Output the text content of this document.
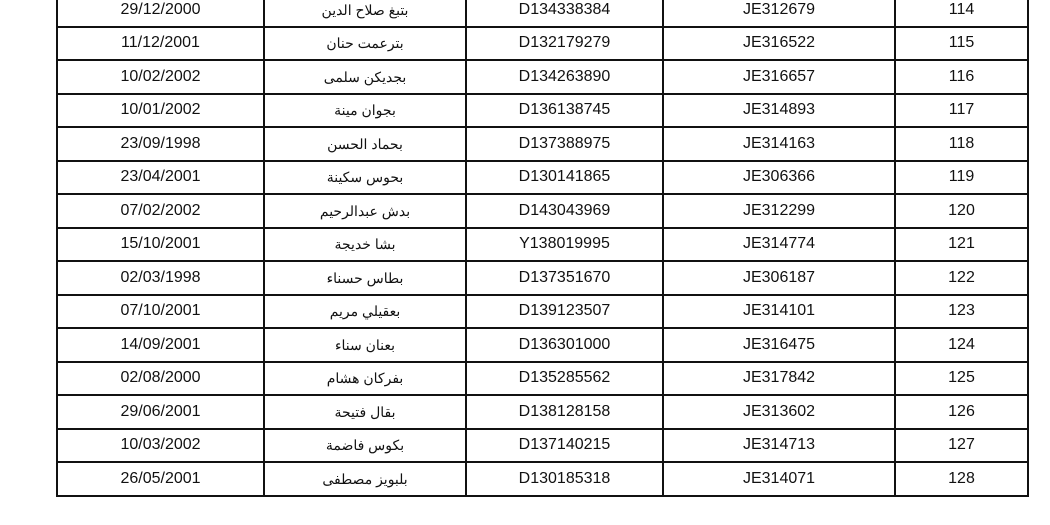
29/12/2000	بتبغ صلاح الدين	D134338384	JE312679	114
11/12/2001	بترعمت حنان	D132179279	JE316522	115
10/02/2002	بجديكن سلمى	D134263890	JE316657	116
10/01/2002	بجوان مينة	D136138745	JE314893	117
23/09/1998	بحماد الحسن	D137388975	JE314163	118
23/04/2001	بحوس سكينة	D130141865	JE306366	119
07/02/2002	بدش عبدالرحيم	D143043969	JE312299	120
15/10/2001	بشا خديجة	Y138019995	JE314774	121
02/03/1998	بطاس حسناء	D137351670	JE306187	122
07/10/2001	بعقيلي مريم	D139123507	JE314101	123
14/09/2001	بعنان سناء	D136301000	JE316475	124
02/08/2000	بفركان هشام	D135285562	JE317842	125
29/06/2001	بقال فتيحة	D138128158	JE313602	126
10/03/2002	بكوس فاضمة	D137140215	JE314713	127
26/05/2001	بلبويز مصطفى	D130185318	JE314071	128
